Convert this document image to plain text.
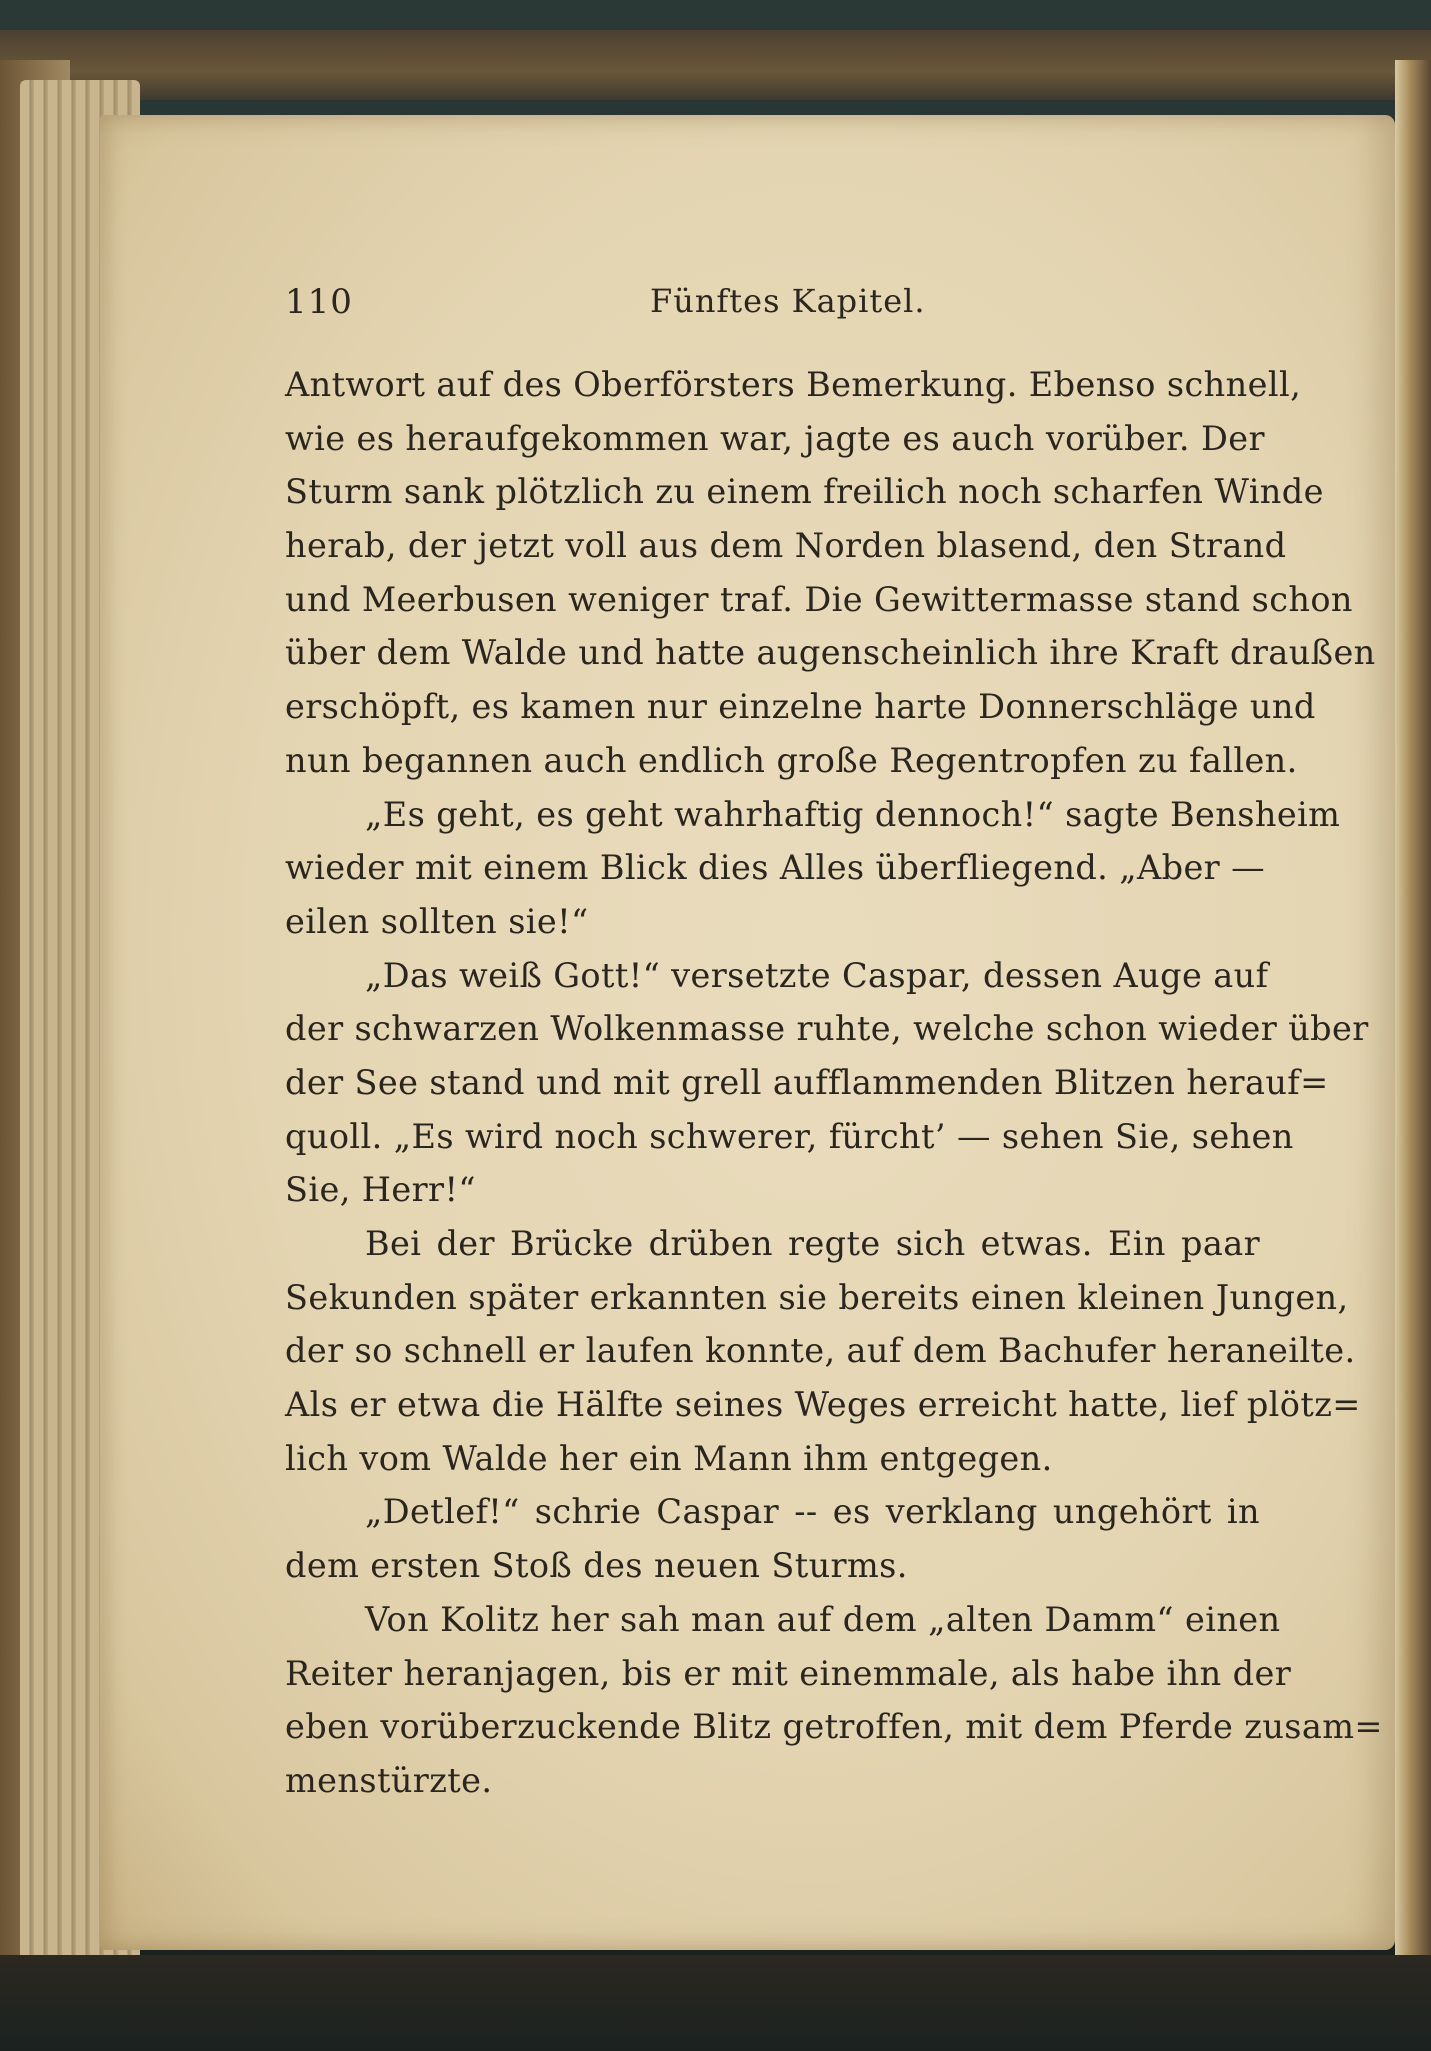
110	Fünftes Kapitel.
Antwort auf des Oberförsters Bemerkung. Ebenso schnell,
wie es heraufgekommen war, jagte es auch vorüber. Der
Sturm sank plötzlich zu einem freilich noch scharfen Winde
herab, der jetzt voll aus dem Norden blasend, den Strand
und Meerbusen weniger traf. Die Gewittermasse stand schon
über dem Walde und hatte augenscheinlich ihre Kraft draußen
erschöpft, es kamen nur einzelne harte Donnerschläge und
nun begannen auch endlich große Regentropfen zu fallen.
„Es geht, es geht wahrhaftig dennoch!“ sagte Bensheim
wieder mit einem Blick dies Alles überfliegend. „Aber —
eilen sollten sie!“
„Das weiß Gott!“ versetzte Caspar, dessen Auge auf
der schwarzen Wolkenmasse ruhte, welche schon wieder über
der See stand und mit grell aufflammenden Blitzen herauf=
quoll. „Es wird noch schwerer, fürcht’ — sehen Sie, sehen
Sie, Herr!“
Bei der Brücke drüben regte sich etwas. Ein paar
Sekunden später erkannten sie bereits einen kleinen Jungen,
der so schnell er laufen konnte, auf dem Bachufer heraneilte.
Als er etwa die Hälfte seines Weges erreicht hatte, lief plötz=
lich vom Walde her ein Mann ihm entgegen.
„Detlef!“ schrie Caspar -- es verklang ungehört in
dem ersten Stoß des neuen Sturms.
Von Kolitz her sah man auf dem „alten Damm“ einen
Reiter heranjagen, bis er mit einemmale, als habe ihn der
eben vorüberzuckende Blitz getroffen, mit dem Pferde zusam=
menstürzte.
